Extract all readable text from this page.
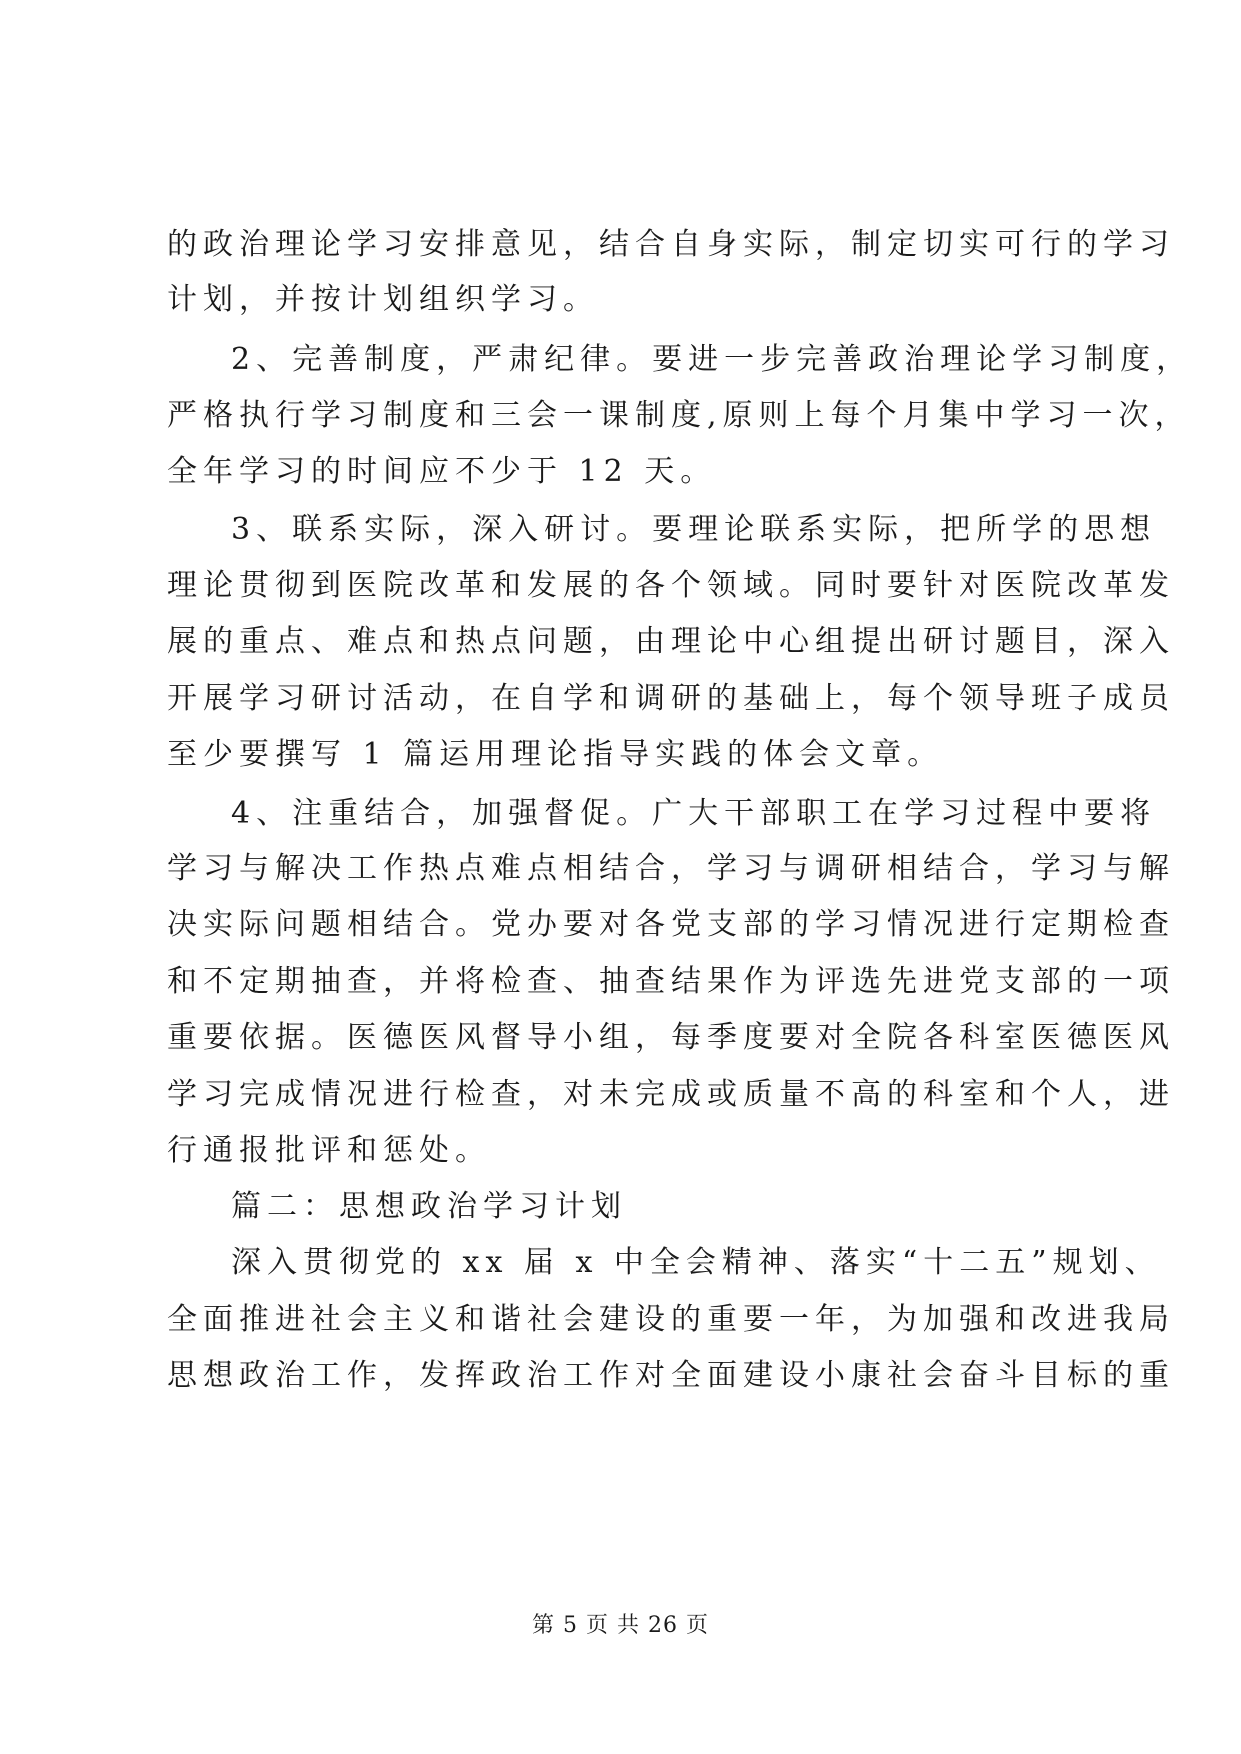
的政治理论学习安排意见，结合自身实际，制定切实可行的学习
计划，并按计划组织学习。
2、完善制度，严肃纪律。要进一步完善政治理论学习制度，
严格执行学习制度和三会一课制度,原则上每个月集中学习一次，
全年学习的时间应不少于 12 天。
3、联系实际，深入研讨。要理论联系实际，把所学的思想
理论贯彻到医院改革和发展的各个领域。同时要针对医院改革发
展的重点、难点和热点问题，由理论中心组提出研讨题目，深入
开展学习研讨活动，在自学和调研的基础上，每个领导班子成员
至少要撰写 1 篇运用理论指导实践的体会文章。
4、注重结合，加强督促。广大干部职工在学习过程中要将
学习与解决工作热点难点相结合，学习与调研相结合，学习与解
决实际问题相结合。党办要对各党支部的学习情况进行定期检查
和不定期抽查，并将检查、抽查结果作为评选先进党支部的一项
重要依据。医德医风督导小组，每季度要对全院各科室医德医风
学习完成情况进行检查，对未完成或质量不高的科室和个人，进
行通报批评和惩处。
篇二：思想政治学习计划
深入贯彻党的 xx 届 x 中全会精神、落实“十二五”规划、
全面推进社会主义和谐社会建设的重要一年，为加强和改进我局
思想政治工作，发挥政治工作对全面建设小康社会奋斗目标的重
第 5 页 共 26 页
